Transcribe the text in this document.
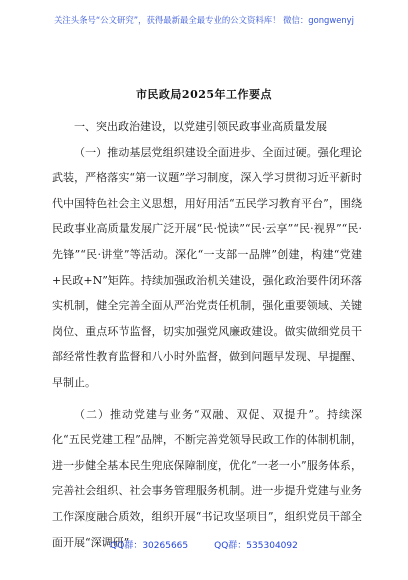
关注头条号“公文研究”，获得最新最全最专业的公文资料库！ 微信：gongwenyj
市民政局2025年工作要点

一、突出政治建设，以党建引领民政事业高质量发展

（一）推动基层党组织建设全面进步、全面过硬。强化理论武装，严格落实“第一议题”学习制度，深入学习贯彻习近平新时代中国特色社会主义思想，用好用活“五民学习教育平台”，围绕民政事业高质量发展广泛开展“民·悦读”“民·云享”“民·视界”“民·先锋”“民·讲堂”等活动。深化“一支部一品牌”创建，构建“党建+民政+N”矩阵。持续加强政治机关建设，强化政治要件闭环落实机制，健全完善全面从严治党责任机制，强化重要领域、关键岗位、重点环节监督，切实加强党风廉政建设。做实做细党员干部经常性教育监督和八小时外监督，做到问题早发现、早提醒、早制止。

（二）推动党建与业务“双融、双促、双提升”。持续深化“五民党建工程”品牌，不断完善党领导民政工作的体制机制，进一步健全基本民生兜底保障制度，优化“一老一小”服务体系，完善社会组织、社会事务管理服务机制。进一步提升党建与业务工作深度融合质效，组织开展“书记攻坚项目”，组织党员干部全面开展“深调研”

QQ群：30265665	QQ群：535304092
